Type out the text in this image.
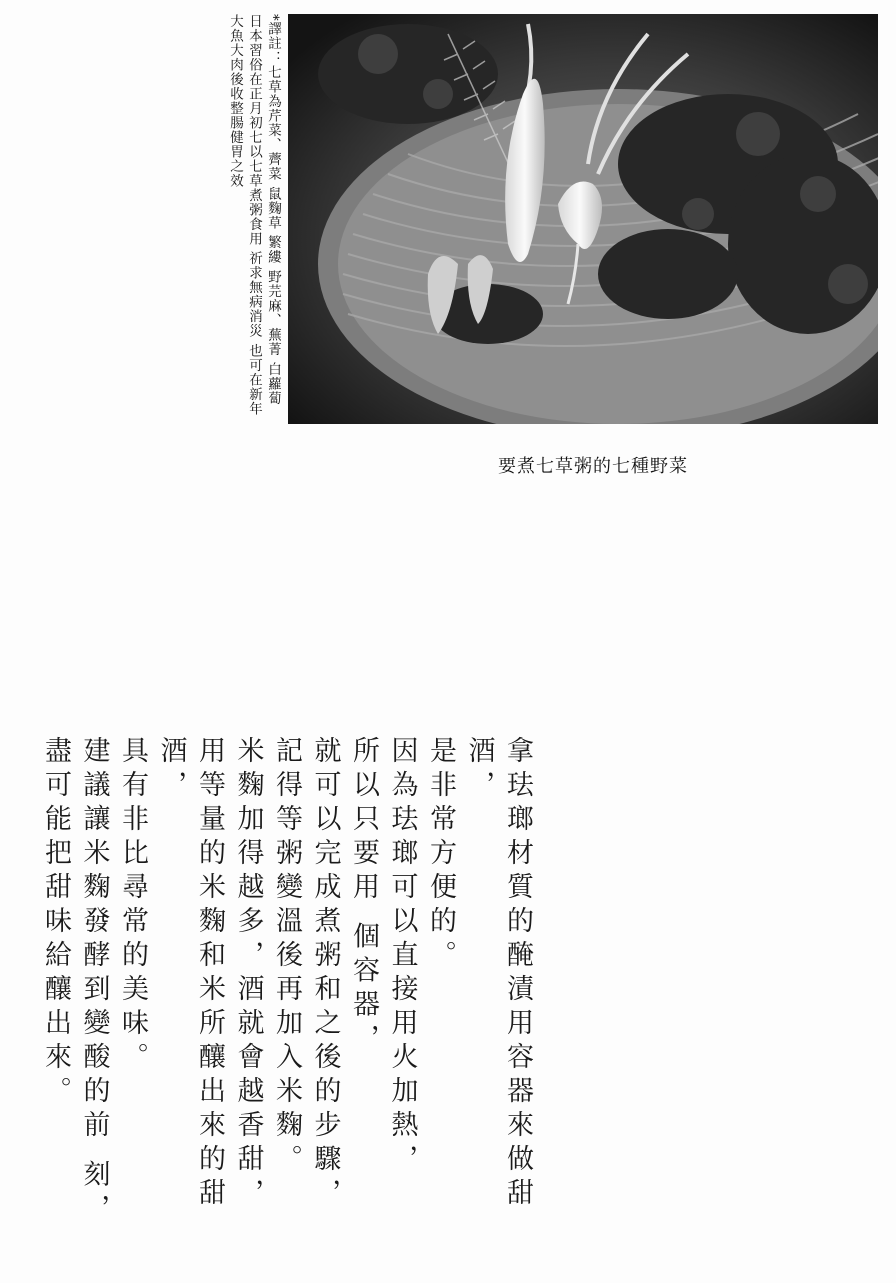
*譯註：七草為芹菜、薺菜 鼠麴草 繁縷 野芫麻、蕪菁 白蘿蔔

日本習俗在正月初七以七草煮粥食用 祈求無病消災 也可在新年

大魚大肉後收整腸健胃之效

要煮七草粥的七種野菜

拿珐瑯材質的醃漬用容器來做甜酒，

是非常方便的。

因為珐瑯可以直接用火加熱，

所以只要用 個容器，

就可以完成煮粥和之後的步驟，

記得等粥變溫後再加入米麴。

米麴加得越多，酒就會越香甜，

用等量的米麴和米所釀出來的甜酒，

具有非比尋常的美味。

建議讓米麴發酵到變酸的前 刻，

盡可能把甜味給釀出來。
